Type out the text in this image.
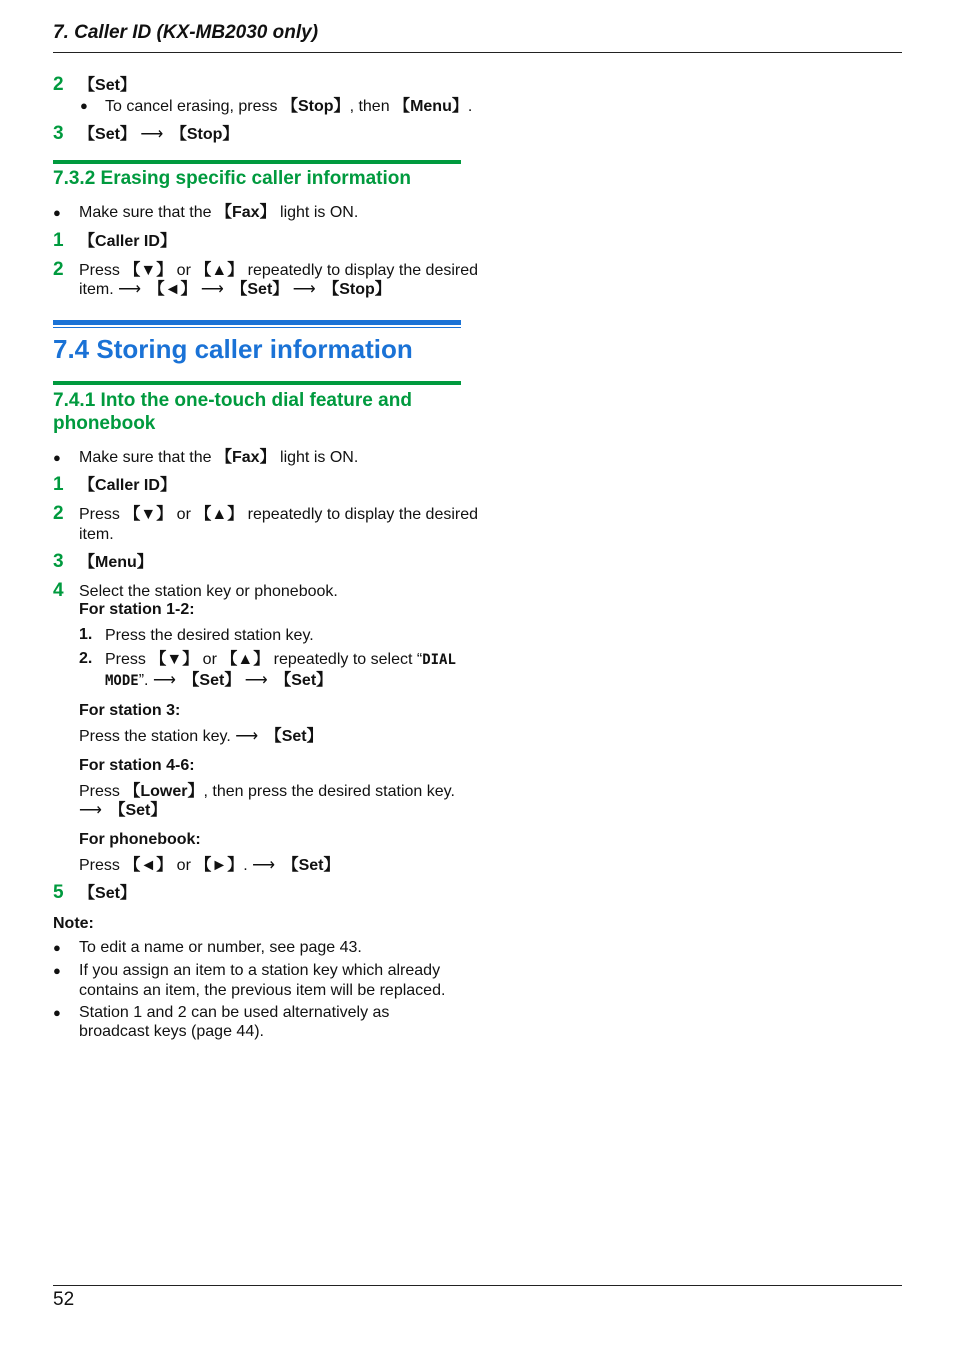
7. Caller ID (KX-MB2030 only)
2 【Set】
● To cancel erasing, press 【Stop】, then 【Menu】.
3 【Set】 ⟶ 【Stop】
7.3.2 Erasing specific caller information
● Make sure that the 【Fax】 light is ON.
1 【Caller ID】
2 Press 【▼】 or 【▲】 repeatedly to display the desired
item. ⟶ 【◄】 ⟶ 【Set】 ⟶ 【Stop】
7.4 Storing caller information
7.4.1 Into the one-touch dial feature and
phonebook
● Make sure that the 【Fax】 light is ON.
1 【Caller ID】
2 Press 【▼】 or 【▲】 repeatedly to display the desired
item.
3 【Menu】
4 Select the station key or phonebook.
For station 1-2:
1. Press the desired station key.
2. Press 【▼】 or 【▲】 repeatedly to select “DIAL
MODE”. ⟶ 【Set】 ⟶ 【Set】
For station 3:
Press the station key. ⟶ 【Set】
For station 4-6:
Press 【Lower】, then press the desired station key.
⟶ 【Set】
For phonebook:
Press 【◄】 or 【►】. ⟶ 【Set】
5 【Set】
Note:
● To edit a name or number, see page 43.
● If you assign an item to a station key which already
contains an item, the previous item will be replaced.
● Station 1 and 2 can be used alternatively as
broadcast keys (page 44).
52
